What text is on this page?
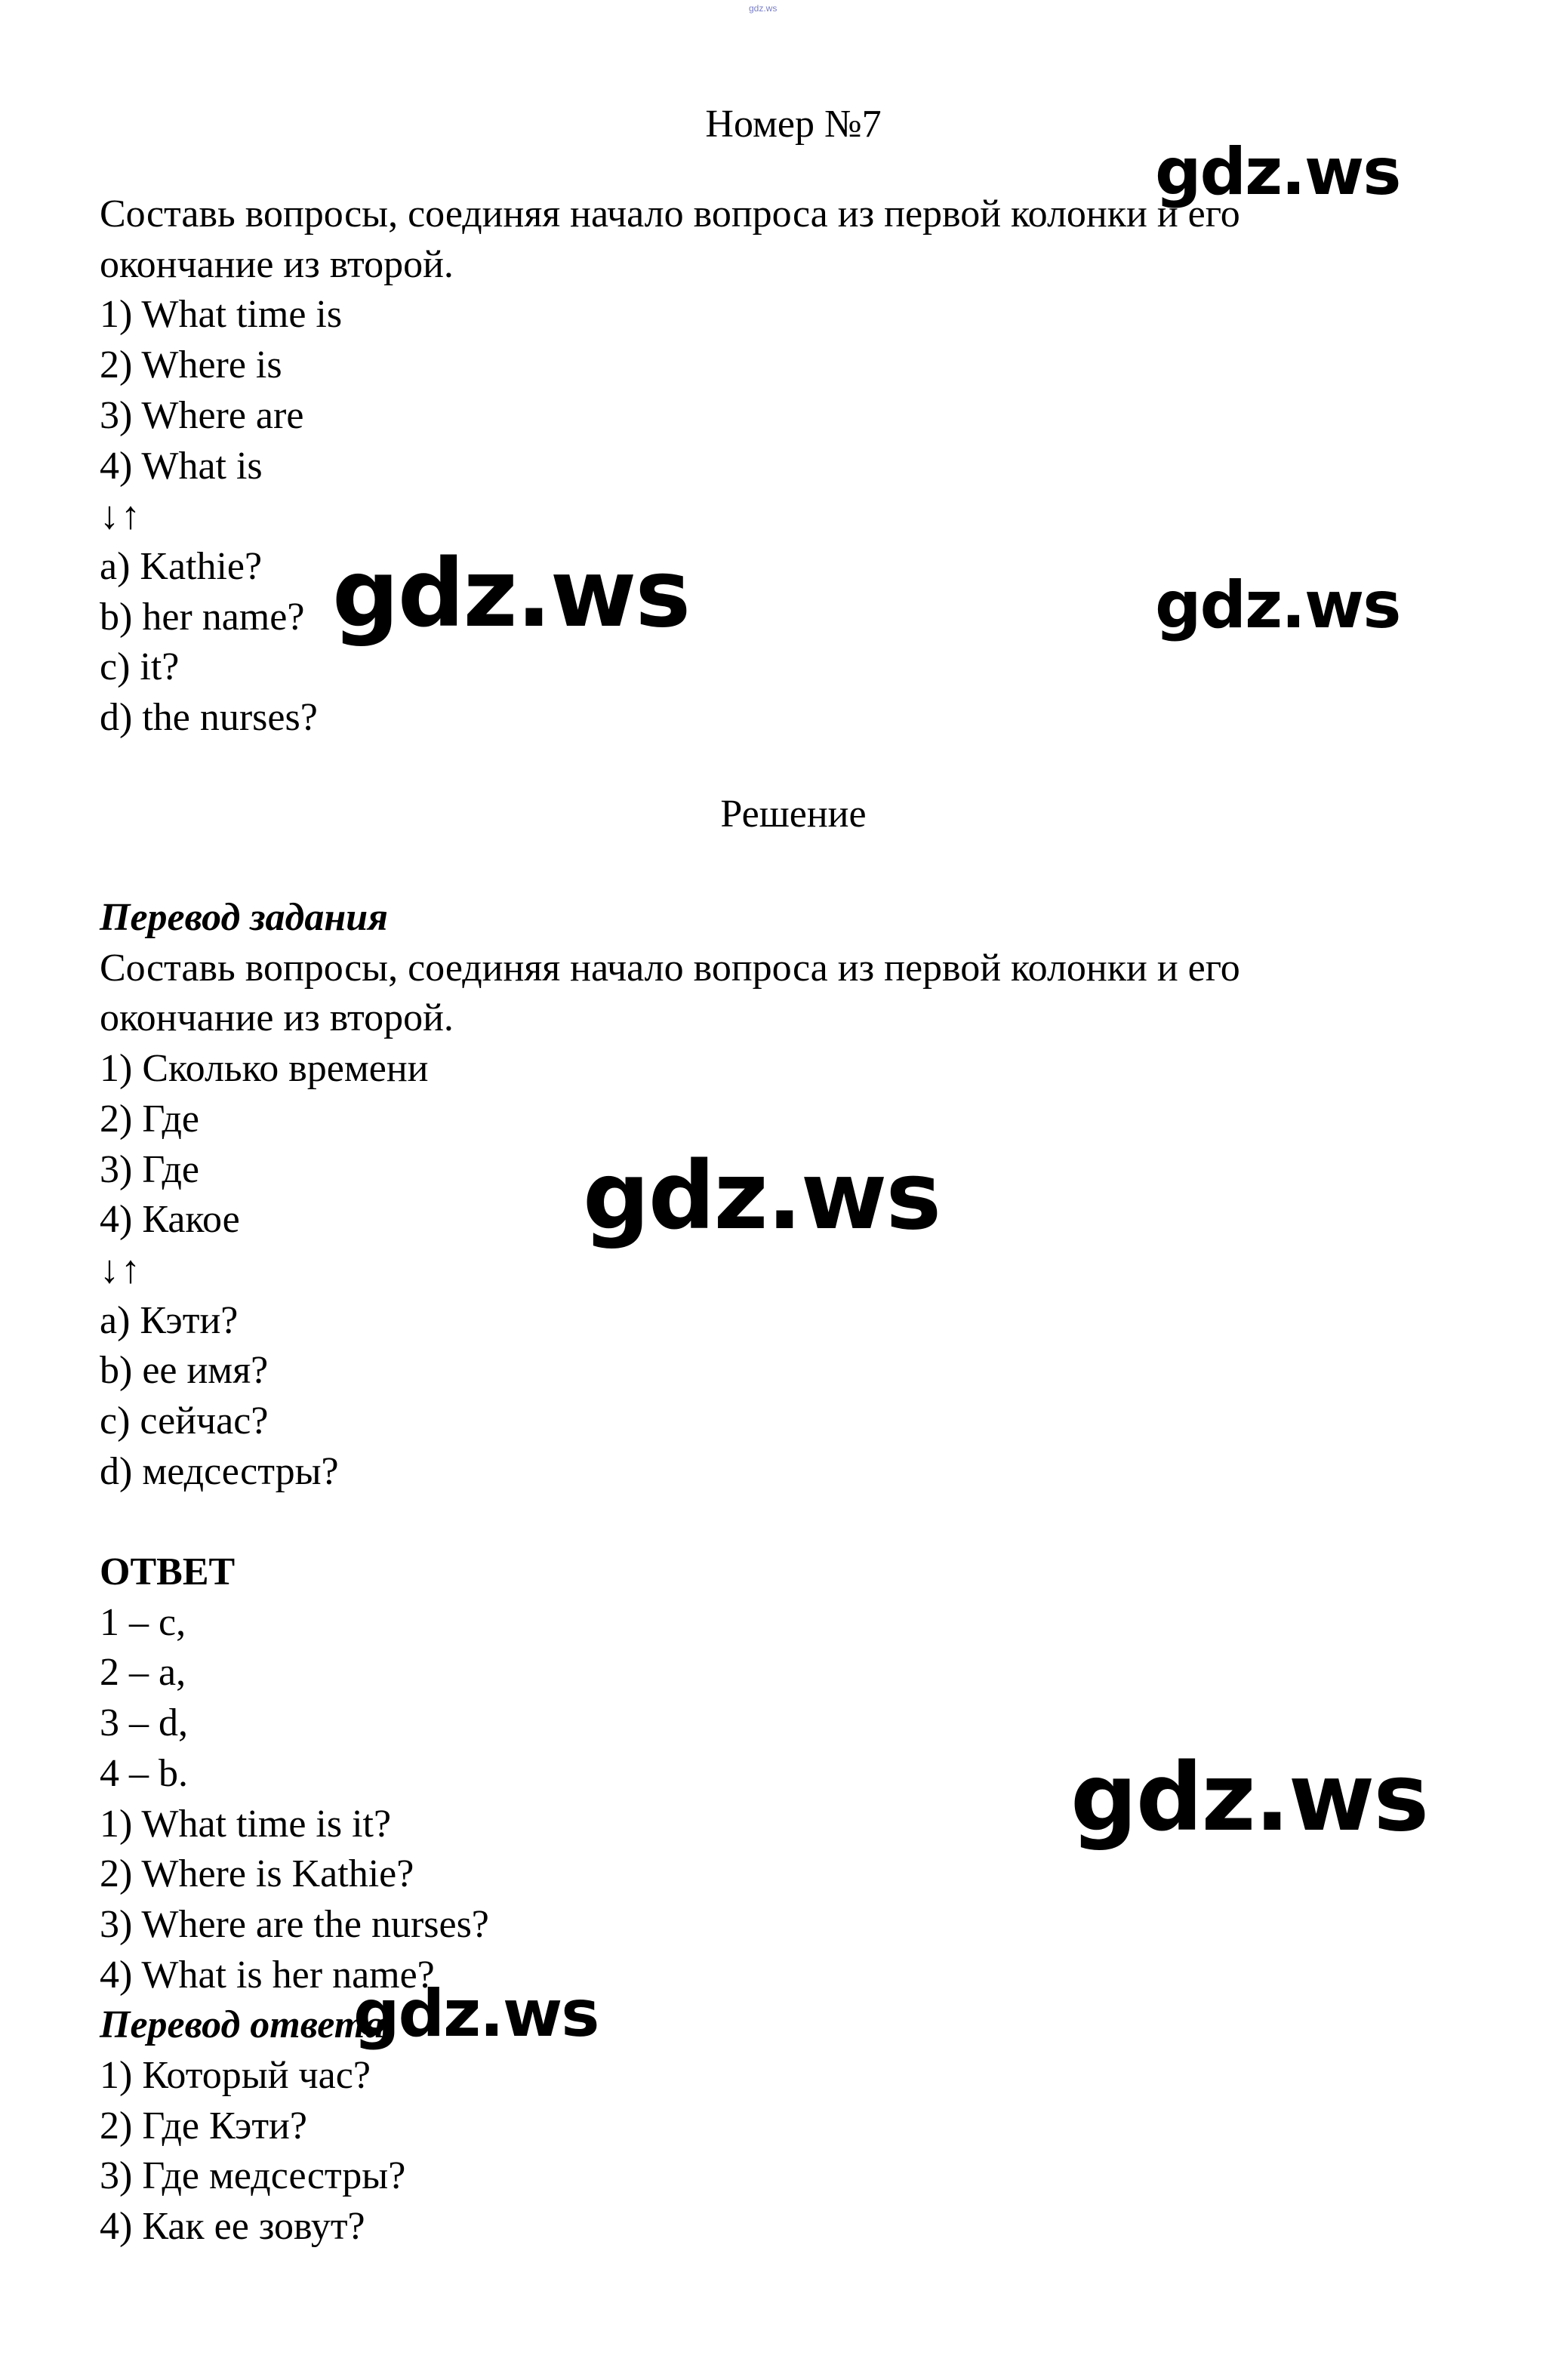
gdz.ws
Номер №7
Составь вопросы, соединяя начало вопроса из первой колонки и его
окончание из второй.
1) What time is
2) Where is
3) Where are
4) What is
↓↑
a) Kathie?
b) her name?
c) it?
d) the nurses?
Решение
Перевод задания
Составь вопросы, соединяя начало вопроса из первой колонки и его
окончание из второй.
1) Сколько времени
2) Где
3) Где
4) Какое
↓↑
a) Кэти?
b) ее имя?
c) сейчас?
d) медсестры?
ОТВЕТ
1 – c,
2 – a,
3 – d,
4 – b.
1) What time is it?
2) Where is Kathie?
3) Where are the nurses?
4) What is her name?
Перевод ответа
1) Который час?
2) Где Кэти?
3) Где медсестры?
4) Как ее зовут?
gdz.ws
gdz.ws	gdz.ws
gdz.ws
gdz.ws
gdz.ws
